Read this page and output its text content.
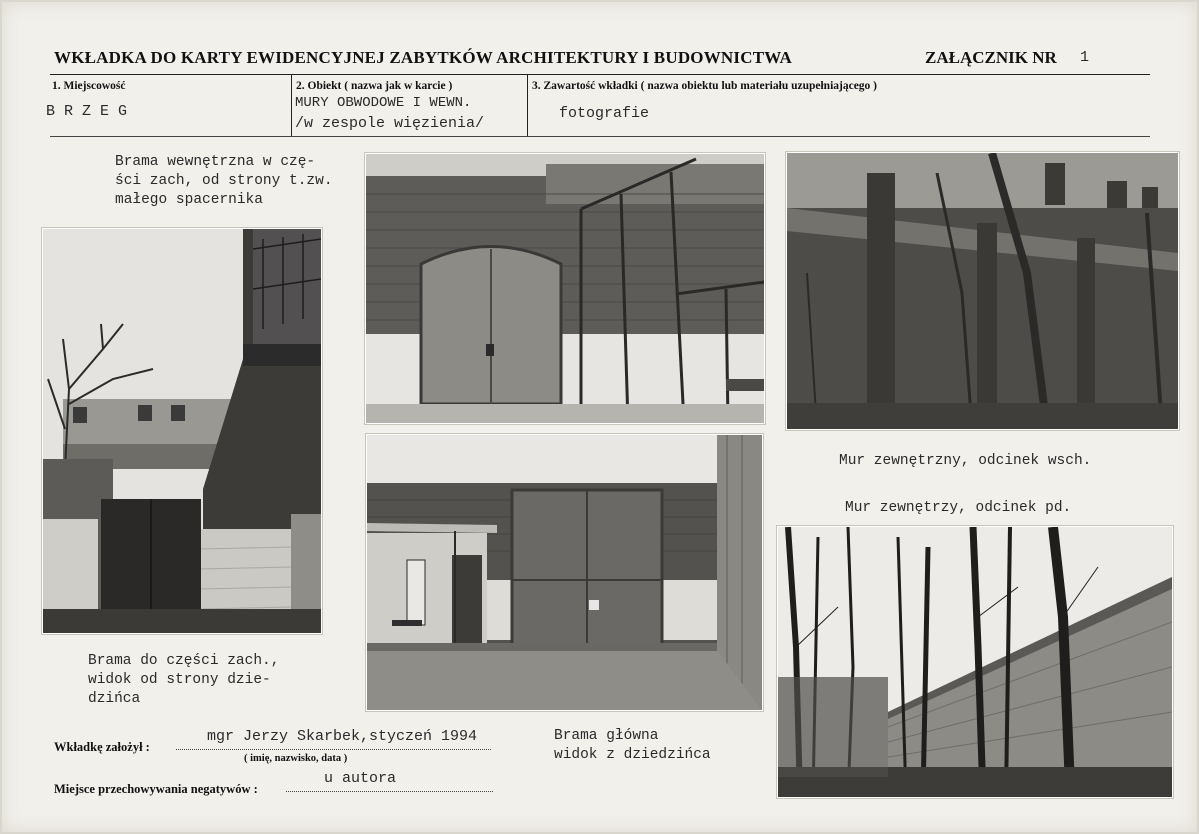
WKŁADKA DO KARTY EWIDENCYJNEJ ZABYTKÓW ARCHITEKTURY I BUDOWNICTWA	ZAŁĄCZNIK NR 1
1. Miejscowość
B R Z E G
2. Obiekt ( nazwa jak w karcie )
MURY OBWODOWE I WEWN.
/w zespole więzienia/
3. Zawartość wkładki ( nazwa obiektu lub materiału uzupełniającego )
fotografie
Brama wewnętrzna w czę-
ści zach, od strony t.zw.
małego spacernika
Brama do części zach.,
widok od strony dzie-
dzińca
Mur zewnętrzny, odcinek wsch.
Mur zewnętrzy, odcinek pd.
Brama główna
widok z dziedzińca
Wkładkę założył :
mgr Jerzy Skarbek,styczeń 1994
( imię, nazwisko, data )
Miejsce przechowywania negatywów :
u autora
